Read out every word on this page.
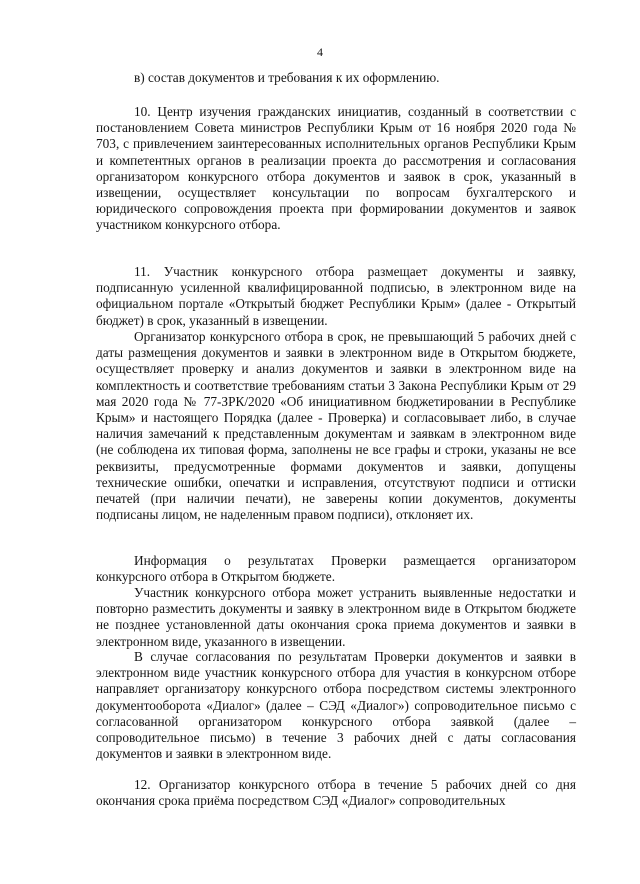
4

в) состав документов и требования к их оформлению.

10. Центр изучения гражданских инициатив, созданный в соответствии с постановлением Совета министров Республики Крым от 16 ноября 2020 года № 703, с привлечением заинтересованных исполнительных органов Республики Крым и компетентных органов в реализации проекта до рассмотрения и согласования организатором конкурсного отбора документов и заявок в срок, указанный в извещении, осуществляет консультации по вопросам бухгалтерского и юридического сопровождения проекта при формировании документов и заявок участником конкурсного отбора.

11. Участник конкурсного отбора размещает документы и заявку, подписанную усиленной квалифицированной подписью, в электронном виде на официальном портале «Открытый бюджет Республики Крым» (далее - Открытый бюджет) в срок, указанный в извещении.

Организатор конкурсного отбора в срок, не превышающий 5 рабочих дней с даты размещения документов и заявки в электронном виде в Открытом бюджете, осуществляет проверку и анализ документов и заявки в электронном виде на комплектность и соответствие требованиям статьи 3 Закона Республики Крым от 29 мая 2020 года № 77-ЗРК/2020 «Об инициативном бюджетировании в Республике Крым» и настоящего Порядка (далее - Проверка) и согласовывает либо, в случае наличия замечаний к представленным документам и заявкам в электронном виде (не соблюдена их типовая форма, заполнены не все графы и строки, указаны не все реквизиты, предусмотренные формами документов и заявки, допущены технические ошибки, опечатки и исправления, отсутствуют подписи и оттиски печатей (при наличии печати), не заверены копии документов, документы подписаны лицом, не наделенным правом подписи), отклоняет их.

Информация о результатах Проверки размещается организатором конкурсного отбора в Открытом бюджете.

Участник конкурсного отбора может устранить выявленные недостатки и повторно разместить документы и заявку в электронном виде в Открытом бюджете не позднее установленной даты окончания срока приема документов и заявки в электронном виде, указанного в извещении.

В случае согласования по результатам Проверки документов и заявки в электронном виде участник конкурсного отбора для участия в конкурсном отборе направляет организатору конкурсного отбора посредством системы электронного документооборота «Диалог» (далее – СЭД «Диалог») сопроводительное письмо с согласованной организатором конкурсного отбора заявкой (далее – сопроводительное письмо) в течение 3 рабочих дней с даты согласования документов и заявки в электронном виде.

12. Организатор конкурсного отбора в течение 5 рабочих дней со дня окончания срока приёма посредством СЭД «Диалог» сопроводительных
